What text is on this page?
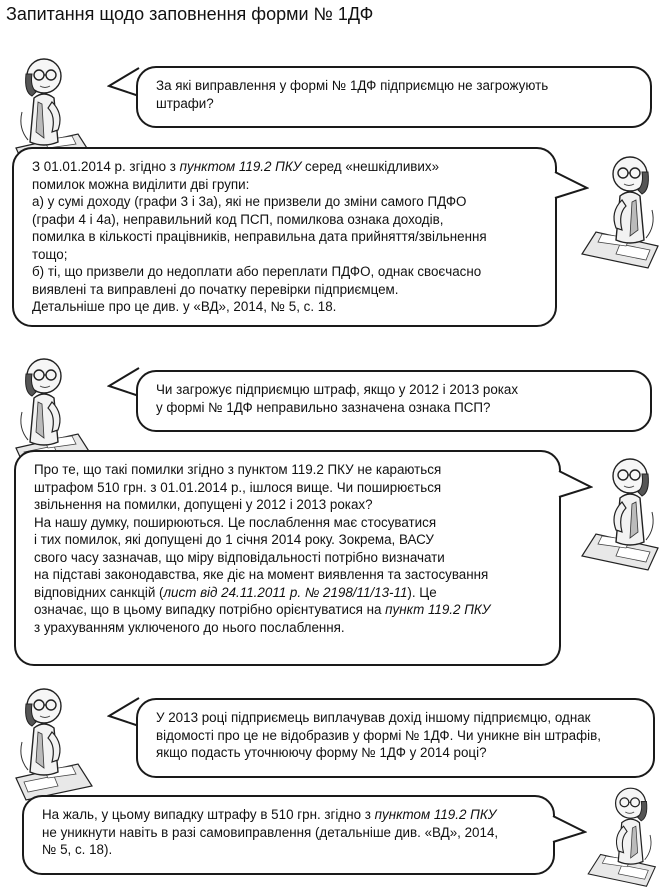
Запитання щодо заповнення форми № 1ДФ
За які виправлення у формі № 1ДФ підприємцю не загрожують
штрафи?
З 01.01.2014 р. згідно з пунктом 119.2 ПКУ серед «нешкідливих»
помилок можна виділити дві групи:
а) у сумі доходу (графи 3 і 3а), які не призвели до зміни самого ПДФО
(графи 4 і 4а), неправильний код ПСП, помилкова ознака доходів,
помилка в кількості працівників, неправильна дата прийняття/звільнення
тощо;
б) ті, що призвели до недоплати або переплати ПДФО, однак своєчасно
виявлені та виправлені до початку перевірки підприємцем.
Детальніше про це див. у «ВД», 2014, № 5, с. 18.
Чи загрожує підприємцю штраф, якщо у 2012 і 2013 роках
у формі № 1ДФ неправильно зазначена ознака ПСП?
Про те, що такі помилки згідно з пунктом 119.2 ПКУ не караються
штрафом 510 грн. з 01.01.2014 р., ішлося вище. Чи поширюється
звільнення на помилки, допущені у 2012 і 2013 роках?
На нашу думку, поширюються. Це послаблення має стосуватися
і тих помилок, які допущені до 1 січня 2014 року. Зокрема, ВАСУ
свого часу зазначав, що міру відповідальності потрібно визначати
на підставі законодавства, яке діє на момент виявлення та застосування
відповідних санкцій (лист від 24.11.2011 р. № 2198/11/13-11). Це
означає, що в цьому випадку потрібно орієнтуватися на пункт 119.2 ПКУ
з урахуванням уключеного до нього послаблення.
У 2013 році підприємець виплачував дохід іншому підприємцю, однак
відомості про це не відобразив у формі № 1ДФ. Чи уникне він штрафів,
якщо подасть уточнюючу форму № 1ДФ у 2014 році?
На жаль, у цьому випадку штрафу в 510 грн. згідно з пунктом 119.2 ПКУ
не уникнути навіть в разі самовиправлення (детальніше див. «ВД», 2014,
№ 5, с. 18).
